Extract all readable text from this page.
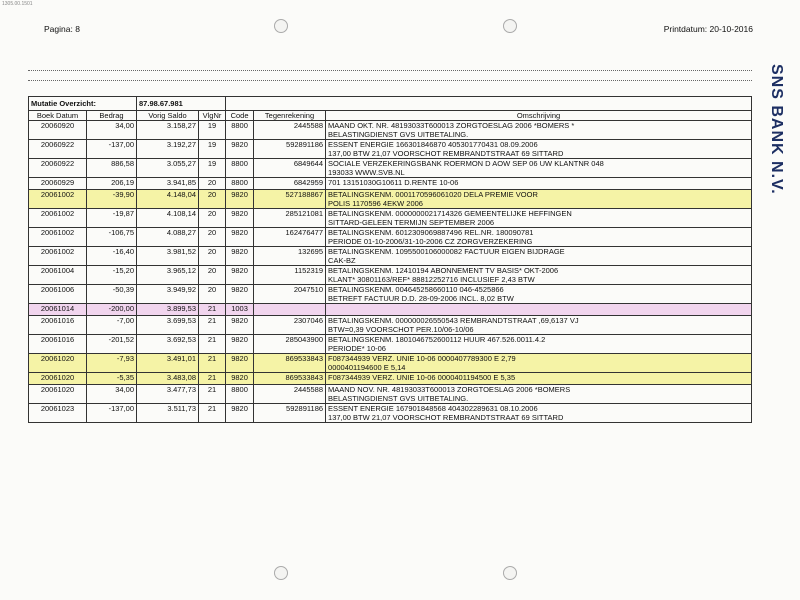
1305.00.1501
Pagina: 8	Printdatum: 20-10-2016
SNS BANK N.V.
Mutatie Overzicht:		87.98.67.981				
Boek Datum	Bedrag	Vorig Saldo	VlgNr	Code	Tegenrekening	Omschrijving
20060920	34,00	3.158,27	19	8800	2445588	MAAND OKT. NR. 48193033T600013 ZORGTOESLAG 2006 *BOMERS *
BELASTINGDIENST GVS UITBETALING.

20060922	-137,00	3.192,27	19	9820	592891186	ESSENT ENERGIE 166301846870 405301770431 08.09.2006
137,00 BTW 21,07 VOORSCHOT REMBRANDTSTRAAT 69 SITTARD

20060922	886,58	3.055,27	19	8800	6849644	SOCIALE VERZEKERINGSBANK ROERMON D AOW SEP 06 UW KLANTNR 048
193033 WWW.SVB.NL

20060929	206,19	3.941,85	20	8800	6842959	701 13151030G10611 D.RENTE 10-06

20061002	-39,90	4.148,04	20	9820	527188867	BETALINGSKENM. 0001170596061020 DELA PREMIE VOOR
POLIS 1170596 4EKW 2006

20061002	-19,87	4.108,14	20	9820	285121081	BETALINGSKENM. 0000000021714326 GEMEENTELIJKE HEFFINGEN
SITTARD-GELEEN TERMIJN SEPTEMBER 2006

20061002	-106,75	4.088,27	20	9820	162476477	BETALINGSKENM. 6012309069887496 REL.NR. 180090781
PERIODE 01-10-2006/31-10-2006 CZ ZORGVERZEKERING

20061002	-16,40	3.981,52	20	9820	132695	BETALINGSKENM. 1095500106000082 FACTUUR EIGEN BIJDRAGE
CAK-BZ

20061004	-15,20	3.965,12	20	9820	1152319	BETALINGSKENM. 12410194 ABONNEMENT TV BASIS* OKT-2006
KLANT* 30801163/REF* 88812252716 INCLUSIEF 2,43 BTW

20061006	-50,39	3.949,92	20	9820	2047510	BETALINGSKENM. 004645258660110 046-4525866
BETREFT FACTUUR D.D. 28-09-2006 INCL. 8,02 BTW

20061014	-200,00	3.899,53	21	1003		

20061016	-7,00	3.699,53	21	9820	2307046	BETALINGSKENM. 000000026550543 REMBRANDTSTRAAT ,69,6137 VJ
BTW=0,39 VOORSCHOT PER.10/06-10/06

20061016	-201,52	3.692,53	21	9820	285043900	BETALINGSKENM. 1801046752600112 HUUR 467.526.0011.4.2
PERIODE* 10-06

20061020	-7,93	3.491,01	21	9820	869533843	F087344939 VERZ. UNIE 10-06 0000407789300 E 2,79
0000401194600 E 5,14

20061020	-5,35	3.483,08	21	9820	869533843	F087344939 VERZ. UNIE 10-06 0000401194500 E 5,35

20061020	34,00	3.477,73	21	8800	2445588	MAAND NOV. NR. 48193033T600013 ZORGTOESLAG 2006 *BOMERS
BELASTINGDIENST GVS UITBETALING.

20061023	-137,00	3.511,73	21	9820	592891186	ESSENT ENERGIE 167901848568 404302289631 08.10.2006
137,00 BTW 21,07 VOORSCHOT REMBRANDTSTRAAT 69 SITTARD
